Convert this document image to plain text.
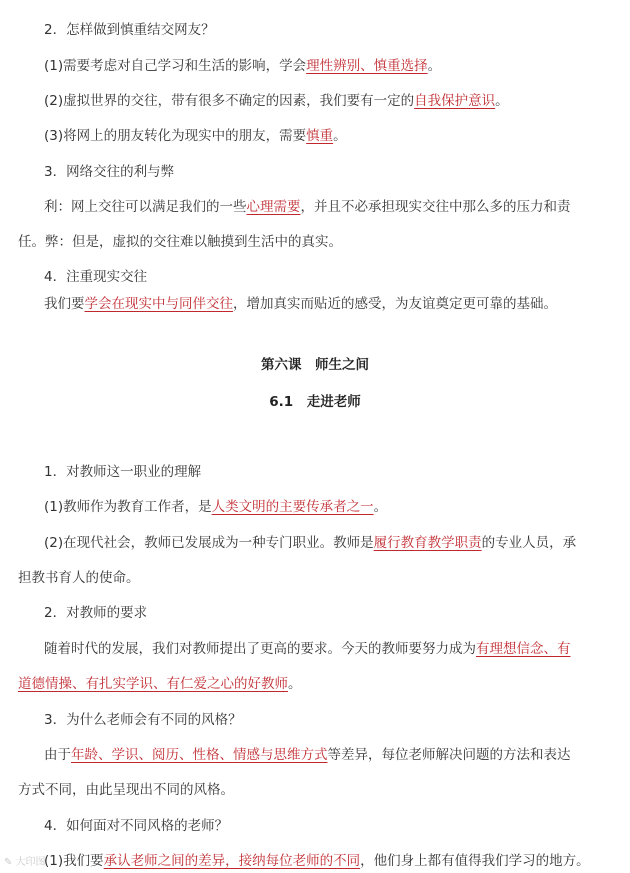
2．怎样做到慎重结交网友？
(1)需要考虑对自己学习和生活的影响，学会理性辨别、慎重选择。
(2)虚拟世界的交往，带有很多不确定的因素，我们要有一定的自我保护意识。
(3)将网上的朋友转化为现实中的朋友，需要慎重。
3．网络交往的利与弊
利：网上交往可以满足我们的一些心理需要，并且不必承担现实交往中那么多的压力和责
任。弊：但是，虚拟的交往难以触摸到生活中的真实。
4．注重现实交往
我们要学会在现实中与同伴交往，增加真实而贴近的感受，为友谊奠定更可靠的基础。
第六课　师生之间
6.1　走进老师
1．对教师这一职业的理解
(1)教师作为教育工作者，是人类文明的主要传承者之一。
(2)在现代社会，教师已发展成为一种专门职业。教师是履行教育教学职责的专业人员，承
担教书育人的使命。
2．对教师的要求
随着时代的发展，我们对教师提出了更高的要求。今天的教师要努力成为有理想信念、有
道德情操、有扎实学识、有仁爱之心的好教师。
3．为什么老师会有不同的风格？
由于年龄、学识、阅历、性格、情感与思维方式等差异，每位老师解决问题的方法和表达
方式不同，由此呈现出不同的风格。
4．如何面对不同风格的老师？
(1)我们要承认老师之间的差异，接纳每位老师的不同，他们身上都有值得我们学习的地方。
✎ 大印图
